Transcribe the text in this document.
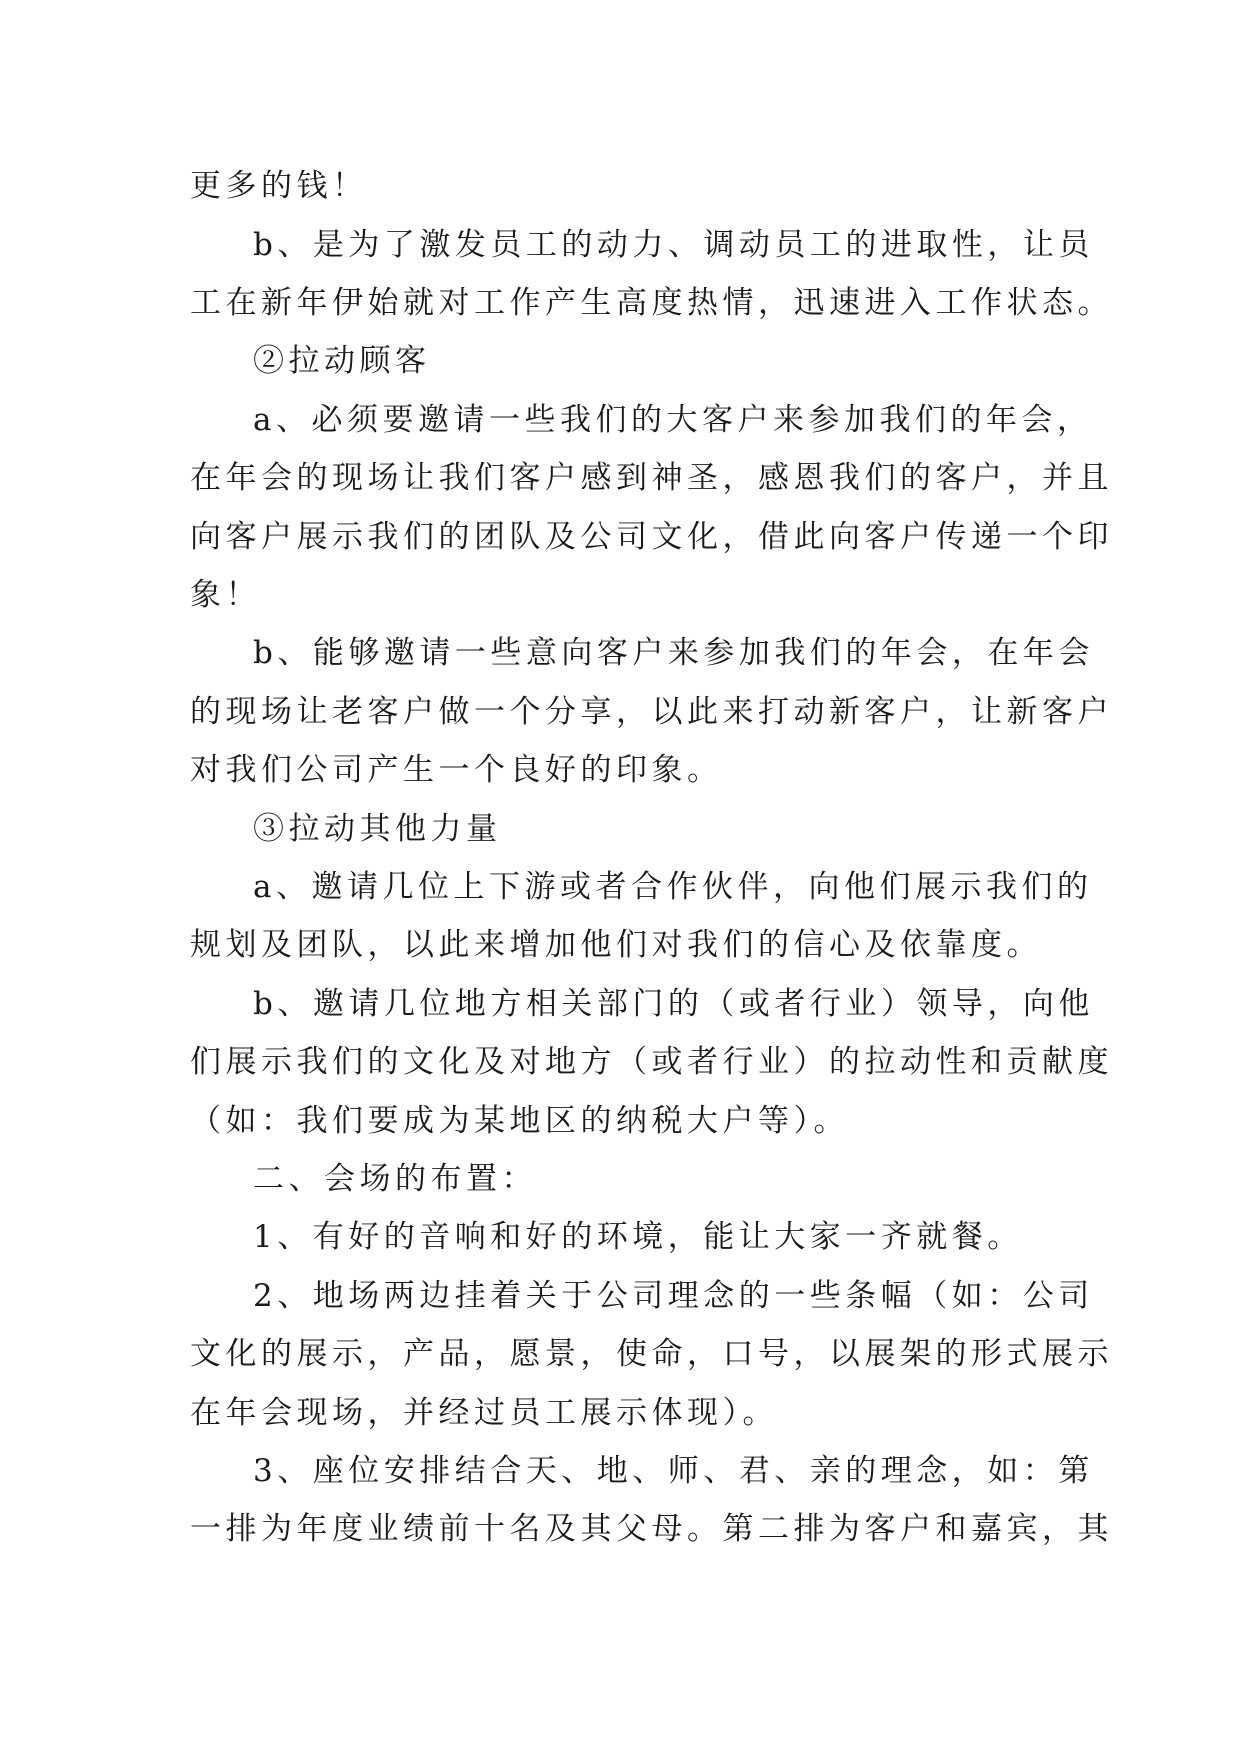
更多的钱！
b、是为了激发员工的动力、调动员工的进取性，让员
工在新年伊始就对工作产生高度热情，迅速进入工作状态。
②拉动顾客
a、必须要邀请一些我们的大客户来参加我们的年会，
在年会的现场让我们客户感到神圣，感恩我们的客户，并且
向客户展示我们的团队及公司文化，借此向客户传递一个印
象！
b、能够邀请一些意向客户来参加我们的年会，在年会
的现场让老客户做一个分享，以此来打动新客户，让新客户
对我们公司产生一个良好的印象。
③拉动其他力量
a、邀请几位上下游或者合作伙伴，向他们展示我们的
规划及团队，以此来增加他们对我们的信心及依靠度。
b、邀请几位地方相关部门的（或者行业）领导，向他
们展示我们的文化及对地方（或者行业）的拉动性和贡献度
（如：我们要成为某地区的纳税大户等）。
二、会场的布置：
1、有好的音响和好的环境，能让大家一齐就餐。
2、地场两边挂着关于公司理念的一些条幅（如：公司
文化的展示，产品，愿景，使命，口号，以展架的形式展示
在年会现场，并经过员工展示体现）。
3、座位安排结合天、地、师、君、亲的理念，如：第
一排为年度业绩前十名及其父母。第二排为客户和嘉宾，其
